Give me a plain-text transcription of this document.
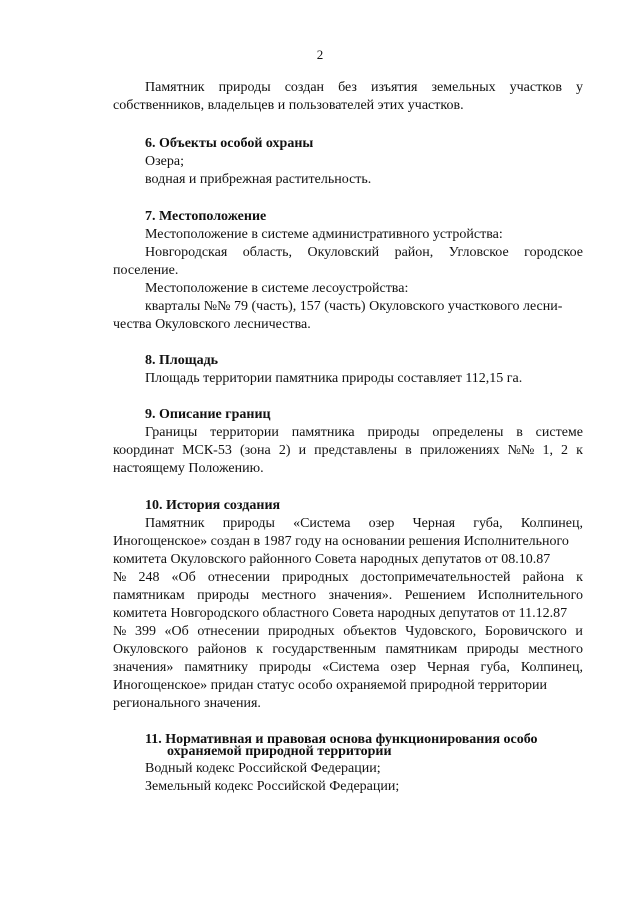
2
Памятник природы создан без изъятия земельных участков у
собственников, владельцев и пользователей этих участков.
6. Объекты особой охраны
Озера;
водная и прибрежная растительность.
7. Местоположение
Местоположение в системе административного устройства:
Новгородская область, Окуловский район, Угловское городское
поселение.
Местоположение в системе лесоустройства:
кварталы №№ 79 (часть), 157 (часть) Окуловского участкового лесни-
чества Окуловского лесничества.
8. Площадь
Площадь территории памятника природы составляет 112,15 га.
9. Описание границ
Границы территории памятника природы определены в системе
координат МСК-53 (зона 2) и представлены в приложениях №№ 1, 2 к
настоящему Положению.
10. История создания
Памятник природы «Система озер Черная губа, Колпинец,
Иногощенское» создан в 1987 году на основании решения Исполнительного
комитета Окуловского районного Совета народных депутатов от 08.10.87
№ 248 «Об отнесении природных достопримечательностей района к
памятникам природы местного значения». Решением Исполнительного
комитета Новгородского областного Совета народных депутатов от 11.12.87
№ 399 «Об отнесении природных объектов Чудовского, Боровичского и
Окуловского районов к государственным памятникам природы местного
значения» памятнику природы «Система озер Черная губа, Колпинец,
Иногощенское» придан статус особо охраняемой природной территории
регионального значения.
11. Нормативная и правовая основа функционирования особо
охраняемой природной территории
Водный кодекс Российской Федерации;
Земельный кодекс Российской Федерации;
